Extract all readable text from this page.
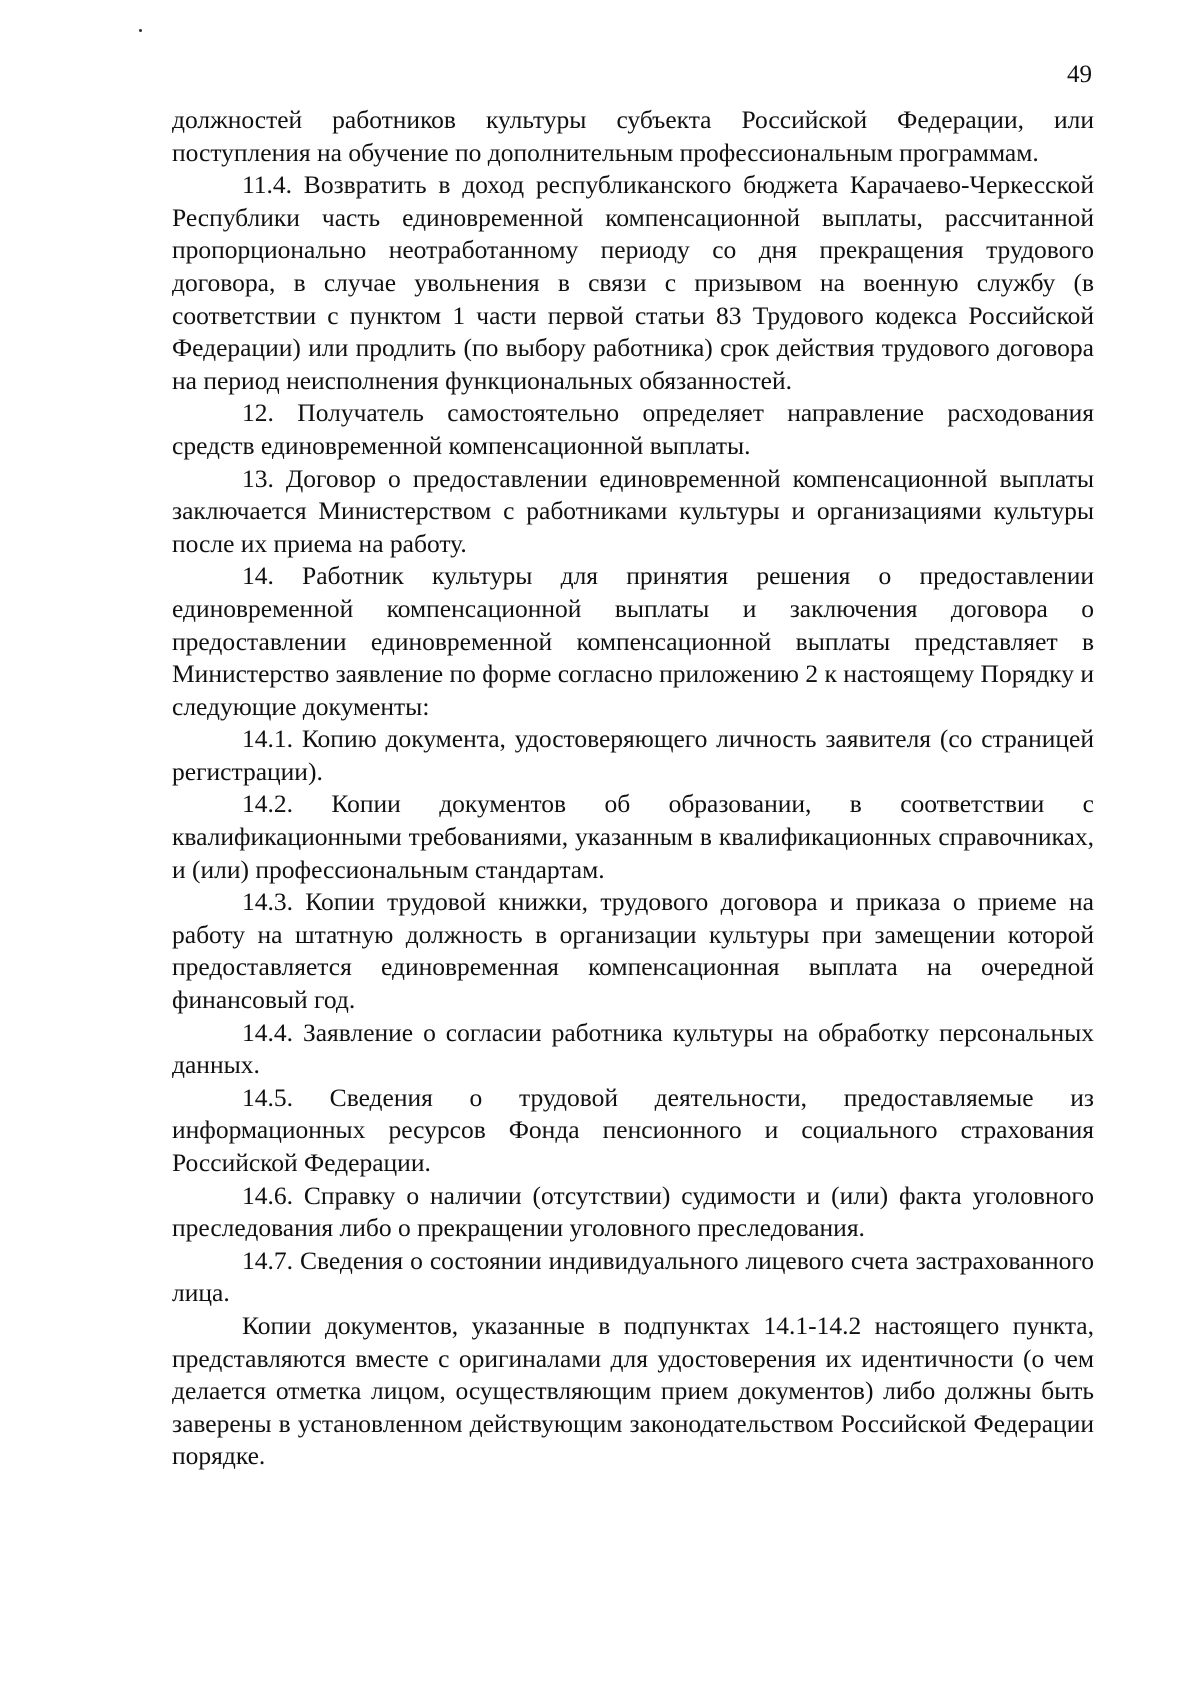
49

должностей работников культуры субъекта Российской Федерации, или поступления на обучение по дополнительным профессиональным программам.

11.4. Возвратить в доход республиканского бюджета Карачаево-Черкесской Республики часть единовременной компенсационной выплаты, рассчитанной пропорционально неотработанному периоду со дня прекращения трудового договора, в случае увольнения в связи с призывом на военную службу (в соответствии с пунктом 1 части первой статьи 83 Трудового кодекса Российской Федерации) или продлить (по выбору работника) срок действия трудового договора на период неисполнения функциональных обязанностей.

12. Получатель самостоятельно определяет направление расходования средств единовременной компенсационной выплаты.

13. Договор о предоставлении единовременной компенсационной выплаты заключается Министерством с работниками культуры и организациями культуры после их приема на работу.

14. Работник культуры для принятия решения о предоставлении единовременной компенсационной выплаты и заключения договора о предоставлении единовременной компенсационной выплаты представляет в Министерство заявление по форме согласно приложению 2 к настоящему Порядку и следующие документы:

14.1. Копию документа, удостоверяющего личность заявителя (со страницей регистрации).

14.2. Копии документов об образовании, в соответствии с квалификационными требованиями, указанным в квалификационных справочниках, и (или) профессиональным стандартам.

14.3. Копии трудовой книжки, трудового договора и приказа о приеме на работу на штатную должность в организации культуры при замещении которой предоставляется единовременная компенсационная выплата на очередной финансовый год.

14.4. Заявление о согласии работника культуры на обработку персональных данных.

14.5. Сведения о трудовой деятельности, предоставляемые из информационных ресурсов Фонда пенсионного и социального страхования Российской Федерации.

14.6. Справку о наличии (отсутствии) судимости и (или) факта уголовного преследования либо о прекращении уголовного преследования.

14.7. Сведения о состоянии индивидуального лицевого счета застрахованного лица.

Копии документов, указанные в подпунктах 14.1-14.2 настоящего пункта, представляются вместе с оригиналами для удостоверения их идентичности (о чем делается отметка лицом, осуществляющим прием документов) либо должны быть заверены в установленном действующим законодательством Российской Федерации порядке.
